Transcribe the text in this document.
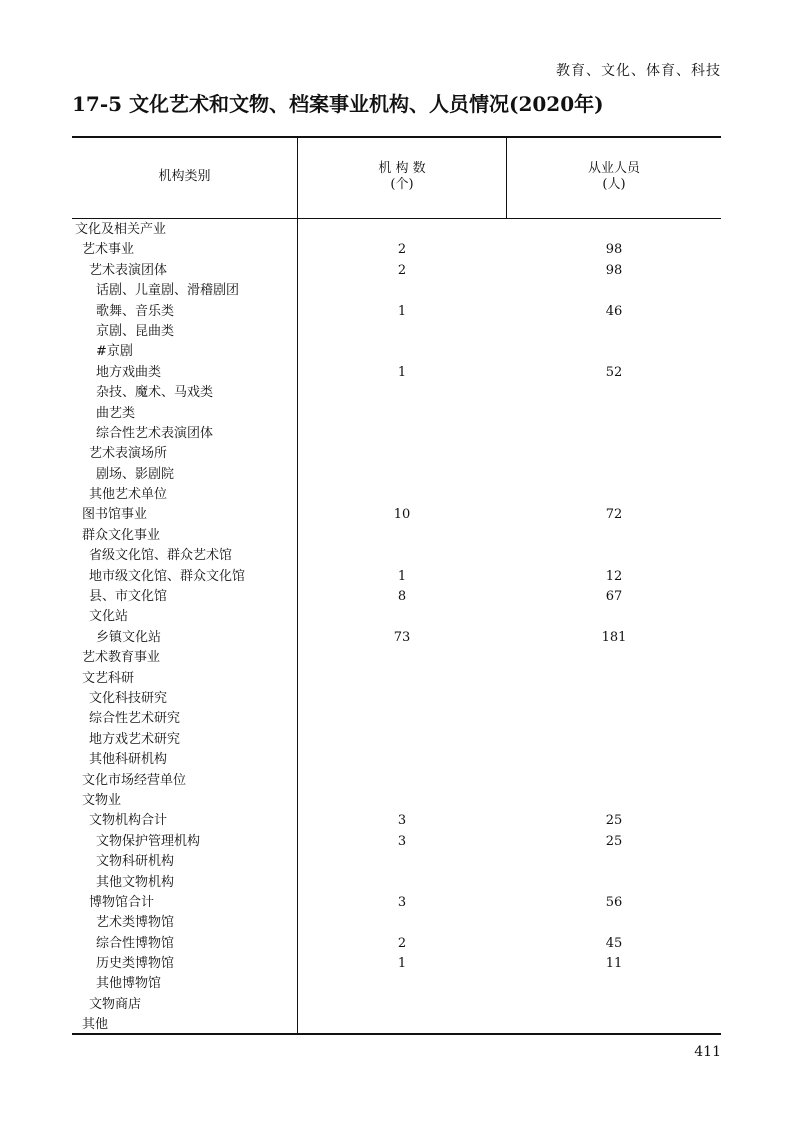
教育、文化、体育、科技
17-5 文化艺术和文物、档案事业机构、人员情况(2020年)
机构类别
机 构 数
(个)
从业人员
(人)
文化及相关产业
艺术事业	2	98
艺术表演团体	2	98
话剧、儿童剧、滑稽剧团
歌舞、音乐类	1	46
京剧、昆曲类
#京剧
地方戏曲类	1	52
杂技、魔术、马戏类
曲艺类
综合性艺术表演团体
艺术表演场所
剧场、影剧院
其他艺术单位
图书馆事业	10	72
群众文化事业
省级文化馆、群众艺术馆
地市级文化馆、群众文化馆	1	12
县、市文化馆	8	67
文化站
乡镇文化站	73	181
艺术教育事业
文艺科研
文化科技研究
综合性艺术研究
地方戏艺术研究
其他科研机构
文化市场经营单位
文物业
文物机构合计	3	25
文物保护管理机构	3	25
文物科研机构
其他文物机构
博物馆合计	3	56
艺术类博物馆
综合性博物馆	2	45
历史类博物馆	1	11
其他博物馆
文物商店
其他
411
